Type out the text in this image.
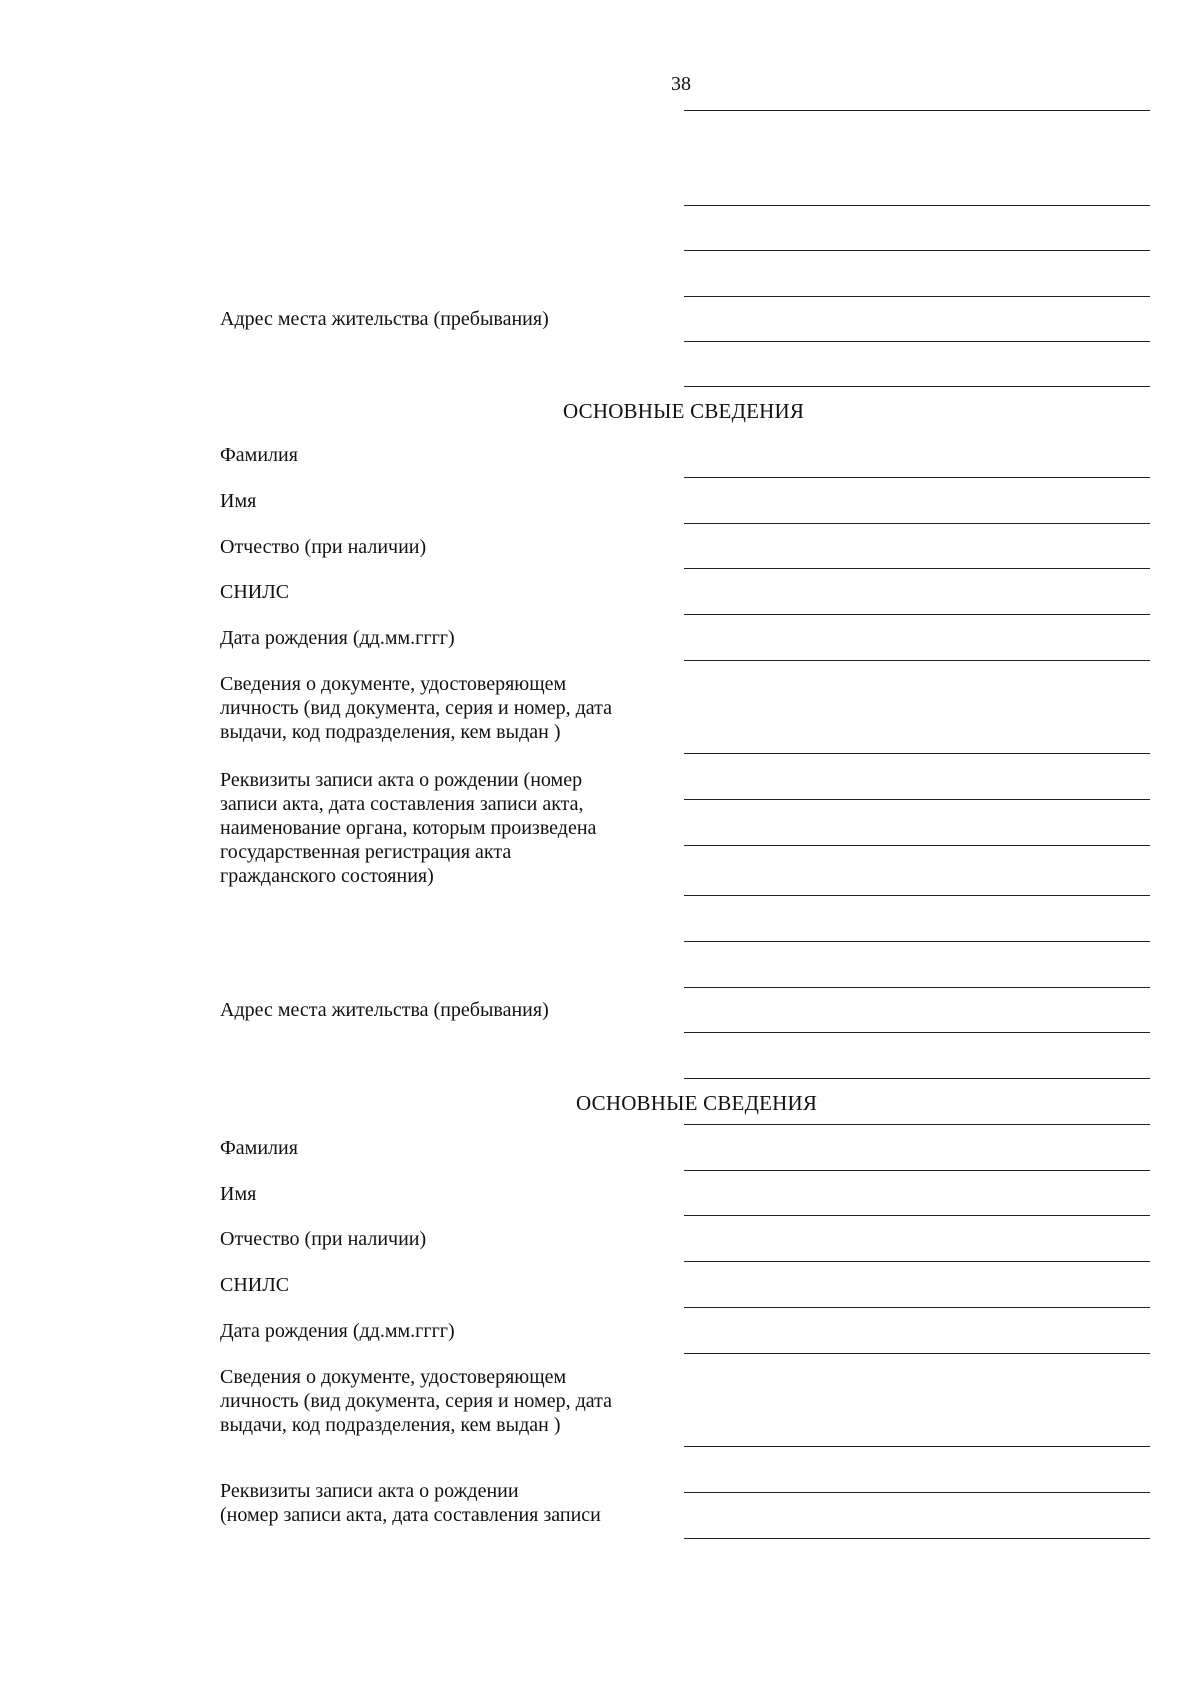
38
Адрес места жительства (пребывания)
ОСНОВНЫЕ СВЕДЕНИЯ
Фамилия
Имя
Отчество (при наличии)
СНИЛС
Дата рождения (дд.мм.гггг)
Сведения о документе, удостоверяющем
личность (вид документа, серия и номер, дата
выдачи, код подразделения, кем выдан )
Реквизиты записи акта о рождении (номер
записи акта, дата составления записи акта,
наименование органа, которым произведена
государственная регистрация акта
гражданского состояния)
Адрес места жительства (пребывания)
ОСНОВНЫЕ СВЕДЕНИЯ
Фамилия
Имя
Отчество (при наличии)
СНИЛС
Дата рождения (дд.мм.гггг)
Сведения о документе, удостоверяющем
личность (вид документа, серия и номер, дата
выдачи, код подразделения, кем выдан )
Реквизиты записи акта о рождении
(номер записи акта, дата составления записи
